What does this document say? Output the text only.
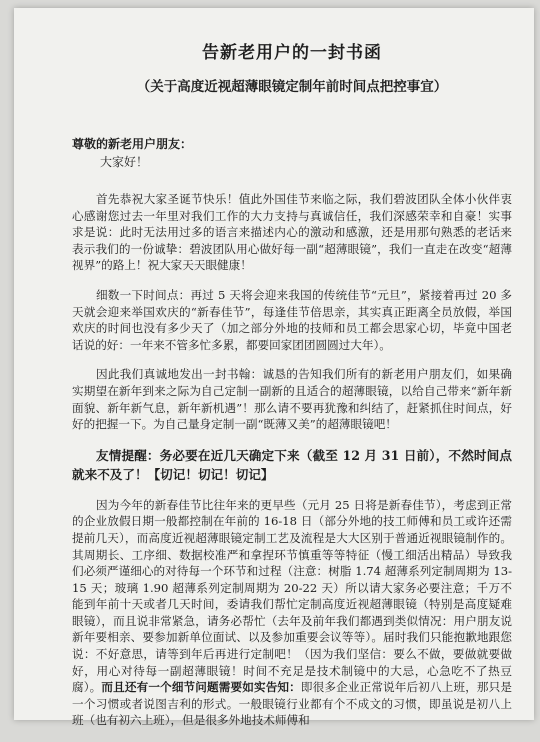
告新老用户的一封书函
（关于高度近视超薄眼镜定制年前时间点把控事宜）

尊敬的新老用户朋友：

大家好！

首先恭祝大家圣诞节快乐！值此外国佳节来临之际，我们碧波团队全体小伙伴衷心感谢您过去一年里对我们工作的大力支持与真诚信任，我们深感荣幸和自豪！实事求是说：此时无法用过多的语言来描述内心的激动和感激，还是用那句熟悉的老话来表示我们的一份诚挚：碧波团队用心做好每一副“超薄眼镜”，我们一直走在改变“超薄视界”的路上！祝大家天天眼健康！

细数一下时间点：再过 5 天将会迎来我国的传统佳节“元旦”，紧接着再过 20 多天就会迎来举国欢庆的“新春佳节”，每逢佳节倍思亲，其实真正距离全员放假，举国欢庆的时间也没有多少天了（加之部分外地的技师和员工都会思家心切，毕竟中国老话说的好：一年来不管多忙多累，都要回家团团圆圆过大年）。

因此我们真诚地发出一封书翰：诚恳的告知我们所有的新老用户朋友们，如果确实期望在新年到来之际为自己定制一副新的且适合的超薄眼镜，以给自己带来“新年新面貌、新年新气息，新年新机遇”！那么请不要再犹豫和纠结了，赶紧抓住时间点，好好的把握一下。为自己量身定制一副“既薄又美”的超薄眼镜吧！

友情提醒：务必要在近几天确定下来（截至 12 月 31 日前），不然时间点就来不及了！【切记！切记！切记】

因为今年的新春佳节比往年来的更早些（元月 25 日将是新春佳节），考虑到正常的企业放假日期一般都控制在年前的 16-18 日（部分外地的技工师傅和员工或许还需提前几天），而高度近视超薄眼镜定制工艺及流程是大大区别于普通近视眼镜制作的。其周期长、工序细、数据校准严和拿捏环节慎重等等特征（慢工细活出精品）导致我们必须严谨细心的对待每一个环节和过程（注意：树脂 1.74 超薄系列定制周期为 13-15 天；玻璃 1.90 超薄系列定制周期为 20-22 天）所以请大家务必要注意；千万不能到年前十天或者几天时间，委请我们帮忙定制高度近视超薄眼镜（特别是高度疑难眼镜），而且说非常紧急，请务必帮忙（去年及前年我们都遇到类似情况：用户朋友说新年要相亲、要参加新单位面试、以及参加重要会议等等）。届时我们只能抱歉地跟您说：不好意思，请等到年后再进行定制吧！（因为我们坚信：要么不做，要做就要做好，用心对待每一副超薄眼镜！时间不充足是技术制镜中的大忌，心急吃不了热豆腐）。而且还有一个细节问题需要如实告知：即很多企业正常说年后初八上班，那只是一个习惯或者说图吉利的形式。一般眼镜行业都有个不成文的习惯，即虽说是初八上班（也有初六上班），但是很多外地技术师傅和
